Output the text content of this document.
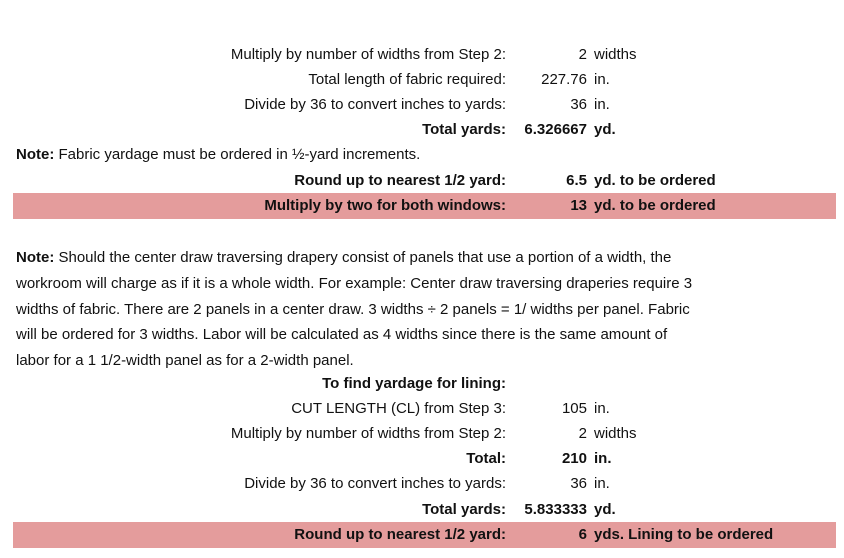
Multiply by number of widths from Step 2:	2 widths
Total length of fabric required: 227.76 in.
Divide by 36 to convert inches to yards:	36 in.
Total yards: 6.326667 yd.
Note: Fabric yardage must be ordered in ½-yard increments.
Round up to nearest 1/2 yard:	6.5 yd. to be ordered
Multiply by two for both windows:	13 yd. to be ordered
Note: Should the center draw traversing drapery consist of panels that use a portion of a width, the
workroom will charge as if it is a whole width. For example: Center draw traversing draperies require 3
widths of fabric. There are 2 panels in a center draw. 3 widths ÷ 2 panels = 1/ widths per panel. Fabric
will be ordered for 3 widths. Labor will be calculated as 4 widths since there is the same amount of
labor for a 1 1/2-width panel as for a 2-width panel.
To find yardage for lining:
CUT LENGTH (CL) from Step 3:	105 in.
Multiply by number of widths from Step 2:	2 widths
Total:	210 in.
Divide by 36 to convert inches to yards:	36 in.
Total yards: 5.833333 yd.
Round up to nearest 1/2 yard:	6 yds. Lining to be ordered
